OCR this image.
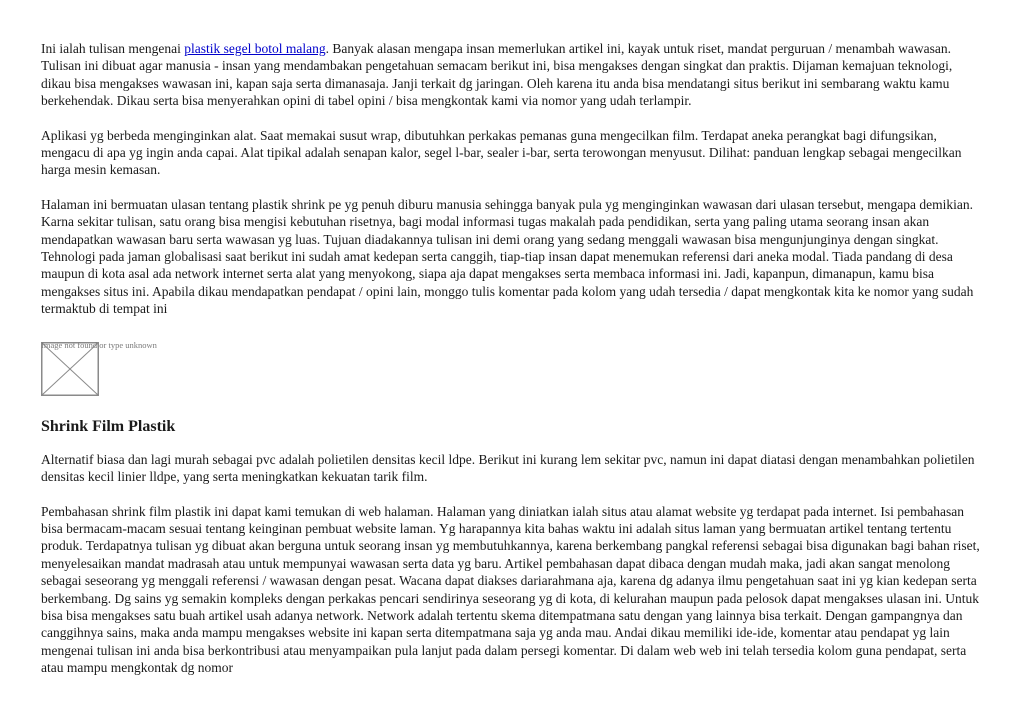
Ini ialah tulisan mengenai plastik segel botol malang. Banyak alasan mengapa insan memerlukan artikel ini, kayak untuk riset, mandat perguruan / menambah wawasan. Tulisan ini dibuat agar manusia - insan yang mendambakan pengetahuan semacam berikut ini, bisa mengakses dengan singkat dan praktis. Dijaman kemajuan teknologi, dikau bisa mengakses wawasan ini, kapan saja serta dimanasaja. Janji terkait dg jaringan. Oleh karena itu anda bisa mendatangi situs berikut ini sembarang waktu kamu berkehendak. Dikau serta bisa menyerahkan opini di tabel opini / bisa mengkontak kami via nomor yang udah terlampir.

Aplikasi yg berbeda menginginkan alat. Saat memakai susut wrap, dibutuhkan perkakas pemanas guna mengecilkan film. Terdapat aneka perangkat bagi difungsikan, mengacu di apa yg ingin anda capai. Alat tipikal adalah senapan kalor, segel l-bar, sealer i-bar, serta terowongan menyusut. Dilihat: panduan lengkap sebagai mengecilkan harga mesin kemasan.

Halaman ini bermuatan ulasan tentang plastik shrink pe yg penuh diburu manusia sehingga banyak pula yg menginginkan wawasan dari ulasan tersebut, mengapa demikian. Karna sekitar tulisan, satu orang bisa mengisi kebutuhan risetnya, bagi modal informasi tugas makalah pada pendidikan, serta yang paling utama seorang insan akan mendapatkan wawasan baru serta wawasan yg luas. Tujuan diadakannya tulisan ini demi orang yang sedang menggali wawasan bisa mengunjunginya dengan singkat. Tehnologi pada jaman globalisasi saat berikut ini sudah amat kedepan serta canggih, tiap-tiap insan dapat menemukan referensi dari aneka modal. Tiada pandang di desa maupun di kota asal ada network internet serta alat yang menyokong, siapa aja dapat mengakses serta membaca informasi ini. Jadi, kapanpun, dimanapun, kamu bisa mengakses situs ini. Apabila dikau mendapatkan pendapat / opini lain, monggo tulis komentar pada kolom yang udah tersedia / dapat mengkontak kita ke nomor yang sudah termaktub di tempat ini

Image not found or type unknown
Shrink Film Plastik

Alternatif biasa dan lagi murah sebagai pvc adalah polietilen densitas kecil ldpe. Berikut ini kurang lem sekitar pvc, namun ini dapat diatasi dengan menambahkan polietilen densitas kecil linier lldpe, yang serta meningkatkan kekuatan tarik film.

Pembahasan shrink film plastik ini dapat kami temukan di web halaman. Halaman yang diniatkan ialah situs atau alamat website yg terdapat pada internet. Isi pembahasan bisa bermacam-macam sesuai tentang keinginan pembuat website laman. Yg harapannya kita bahas waktu ini adalah situs laman yang bermuatan artikel tentang tertentu produk. Terdapatnya tulisan yg dibuat akan berguna untuk seorang insan yg membutuhkannya, karena berkembang pangkal referensi sebagai bisa digunakan bagi bahan riset, menyelesaikan mandat madrasah atau untuk mempunyai wawasan serta data yg baru. Artikel pembahasan dapat dibaca dengan mudah maka, jadi akan sangat menolong sebagai seseorang yg menggali referensi / wawasan dengan pesat. Wacana dapat diakses dariarahmana aja, karena dg adanya ilmu pengetahuan saat ini yg kian kedepan serta berkembang. Dg sains yg semakin kompleks dengan perkakas pencari sendirinya seseorang yg di kota, di kelurahan maupun pada pelosok dapat mengakses ulasan ini. Untuk bisa bisa mengakses satu buah artikel usah adanya network. Network adalah tertentu skema ditempatmana satu dengan yang lainnya bisa terkait. Dengan gampangnya dan canggihnya sains, maka anda mampu mengakses website ini kapan serta ditempatmana saja yg anda mau. Andai dikau memiliki ide-ide, komentar atau pendapat yg lain mengenai tulisan ini anda bisa berkontribusi atau menyampaikan pula lanjut pada dalam persegi komentar. Di dalam web web ini telah tersedia kolom guna pendapat, serta atau mampu mengkontak dg nomor
